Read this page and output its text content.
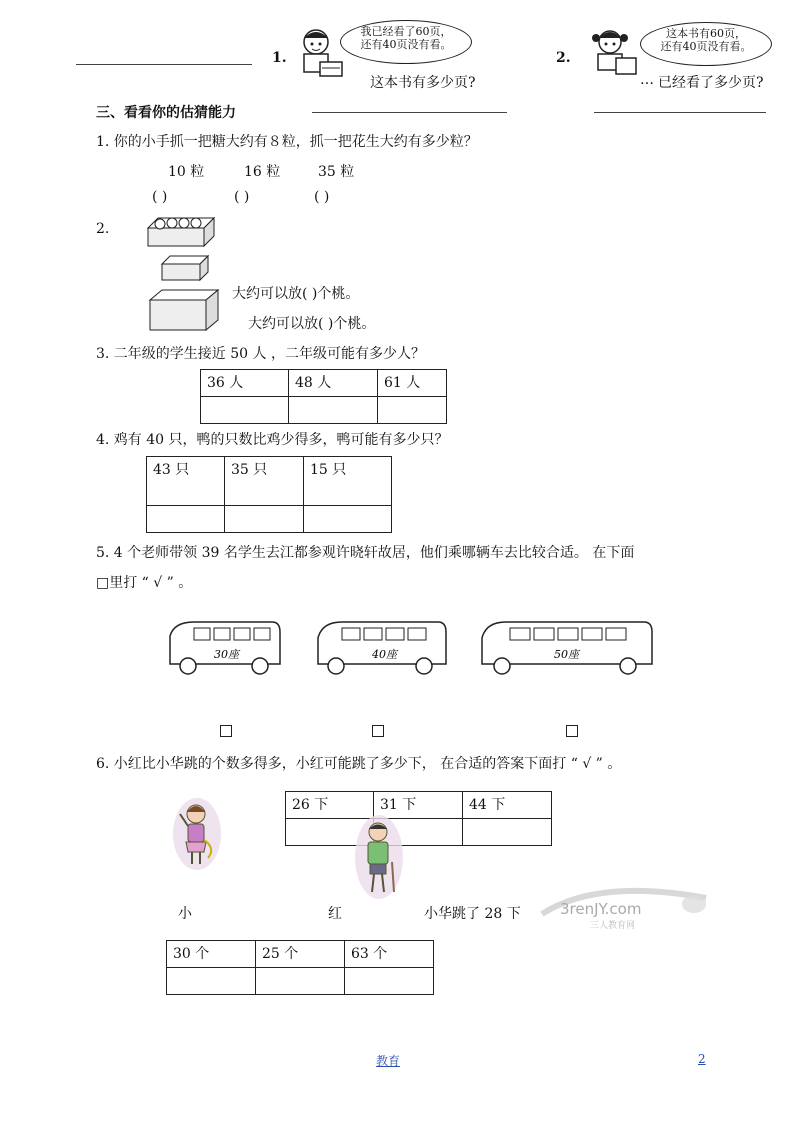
1.
我已经看了60页，
还有40页没有看。
这本书有多少页?
2.
这本书有60页，
还有40页没有看。
… 已经看了多少页?
三、看看你的估猜能力
1. 你的小手抓一把糖大约有８粒，抓一把花生大约有多少粒？
10 粒	16 粒	35 粒
( )	( )	( )
2.
大约可以放( )个桃。
大约可以放( )个桃。
3. 二年级的学生接近 50 人 ，二年级可能有多少人？
36 人	48 人	61 人

4. 鸡有 40 只，鸭的只数比鸡少得多，鸭可能有多少只？
43 只	35 只	15 只

5. 4 个老师带领 39 名学生去江都参观许晓轩故居，他们乘哪辆车去比较合适。 在下面
□里打 “ √ ” 。
30座	40座	50座
6. 小红比小华跳的个数多得多，小红可能跳了多少下， 在合适的答案下面打 “ √ ” 。
26 下	31 下	44 下

小	红	小华跳了 28 下	3renJY.com
三人教育网
30 个	25 个	63 个

教育	2
